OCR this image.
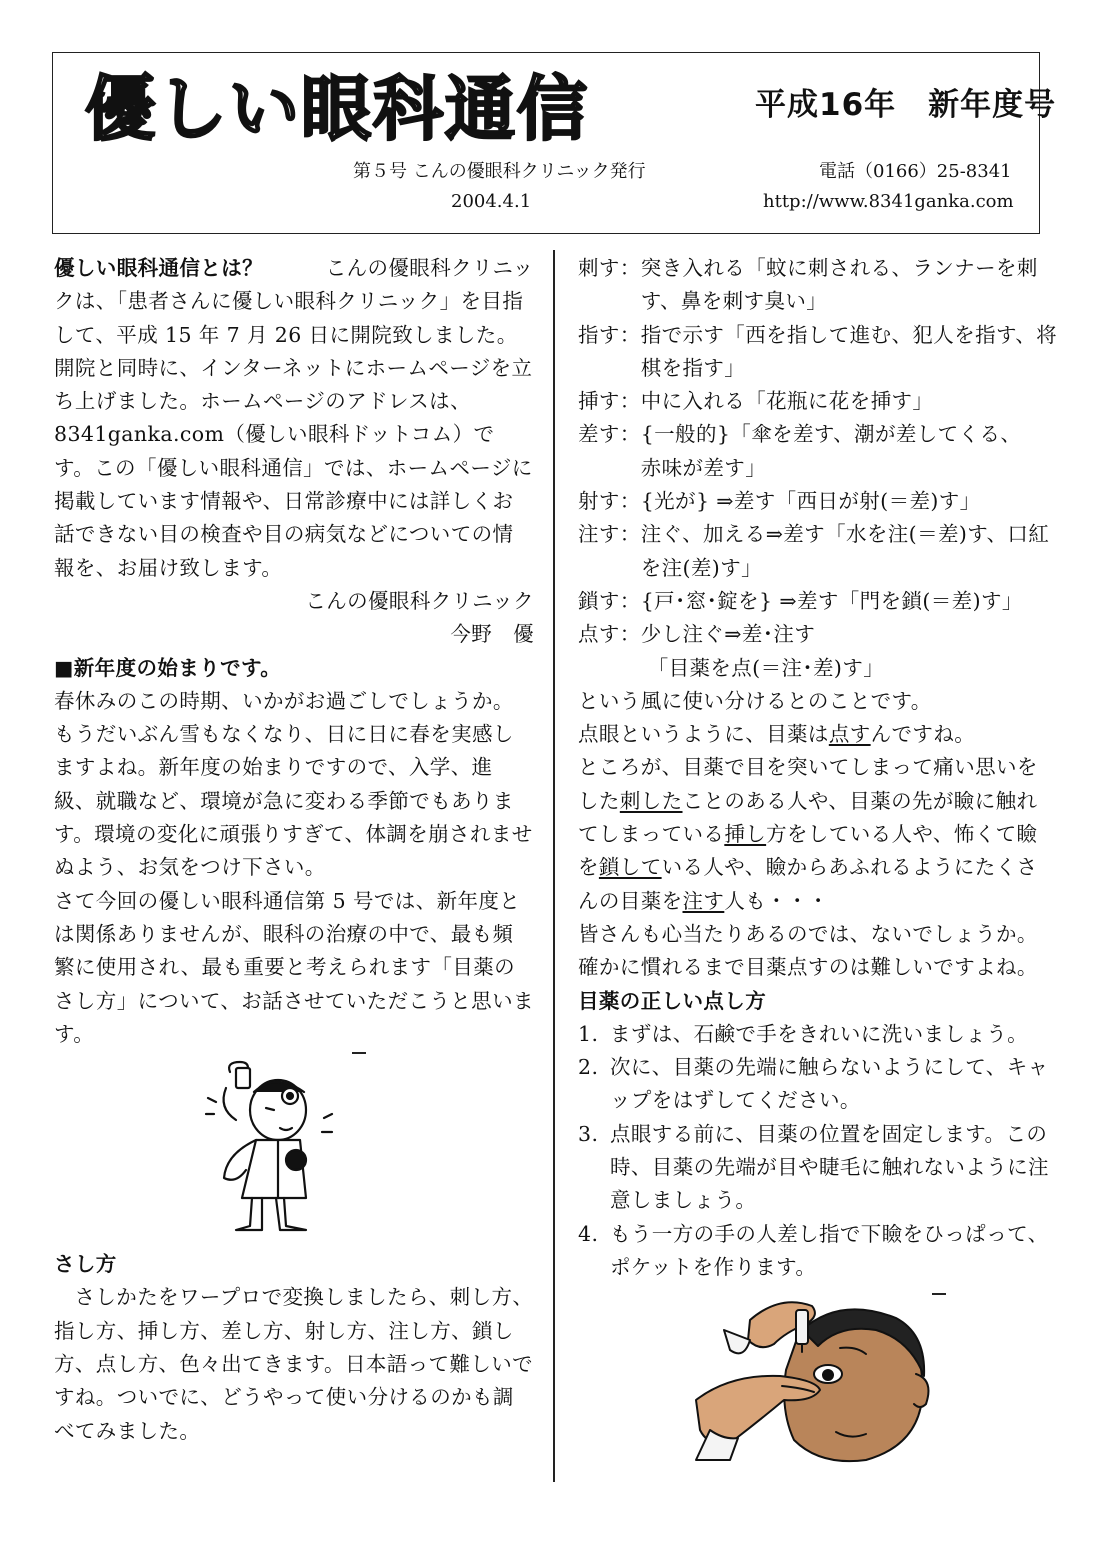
優しい眼科通信	平成16年　新年度号
第５号 こんの優眼科クリニック発行	電話（0166）25-8341
2004.4.1	http://www.8341ganka.com

優しい眼科通信とは？　　　こんの優眼科クリニックは、「患者さんに優しい眼科クリニック」を目指して、平成 15 年 7 月 26 日に開院致しました。開院と同時に、インターネットにホームページを立ち上げました。ホームページのアドレスは、8341ganka.com（優しい眼科ドットコム）です。この「優しい眼科通信」では、ホームページに掲載しています情報や、日常診療中には詳しくお話できない目の検査や目の病気などについての情報を、お届け致します。

こんの優眼科クリニック

今野　優

■新年度の始まりです。

春休みのこの時期、いかがお過ごしでしょうか。もうだいぶん雪もなくなり、日に日に春を実感しますよね。新年度の始まりですので、入学、進級、就職など、環境が急に変わる季節でもあります。環境の変化に頑張りすぎて、体調を崩されませぬよう、お気をつけ下さい。

さて今回の優しい眼科通信第 5 号では、新年度とは関係ありませんが、眼科の治療の中で、最も頻繁に使用され、最も重要と考えられます「目薬のさし方」について、お話させていただこうと思います。

さし方

さしかたをワープロで変換しましたら、刺し方、指し方、挿し方、差し方、射し方、注し方、鎖し方、点し方、色々出てきます。日本語って難しいですね。ついでに、どうやって使い分けるのかも調べてみました。

刺す： 突き入れる「蚊に刺される、ランナーを刺す、鼻を刺す臭い」
指す： 指で示す「西を指して進む、犯人を指す、将棋を指す」
挿す： 中に入れる「花瓶に花を挿す」
差す： {一般的}「傘を差す、潮が差してくる、　　　　赤味が差す」
射す： {光が} ⇒差す「西日が射(＝差)す」
注す： 注ぐ、加える⇒差す「水を注(＝差)す、口紅を注(差)す」
鎖す： {戸･窓･錠を} ⇒差す「門を鎖(＝差)す」
点す： 少し注ぐ⇒差･注す

「目薬を点(＝注･差)す」

という風に使い分けるとのことです。

点眼というように、目薬は点すんですね。

ところが、目薬で目を突いてしまって痛い思いをした刺したことのある人や、目薬の先が瞼に触れてしまっている挿し方をしている人や、怖くて瞼を鎖している人や、瞼からあふれるようにたくさんの目薬を注す人も・・・

皆さんも心当たりあるのでは、ないでしょうか。

確かに慣れるまで目薬点すのは難しいですよね。

目薬の正しい点し方

1. まずは、石鹸で手をきれいに洗いましょう。
2. 次に、目薬の先端に触らないようにして、キャップをはずしてください。
3. 点眼する前に、目薬の位置を固定します。この時、目薬の先端が目や睫毛に触れないように注意しましょう。
4. もう一方の手の人差し指で下瞼をひっぱって、ポケットを作ります。
